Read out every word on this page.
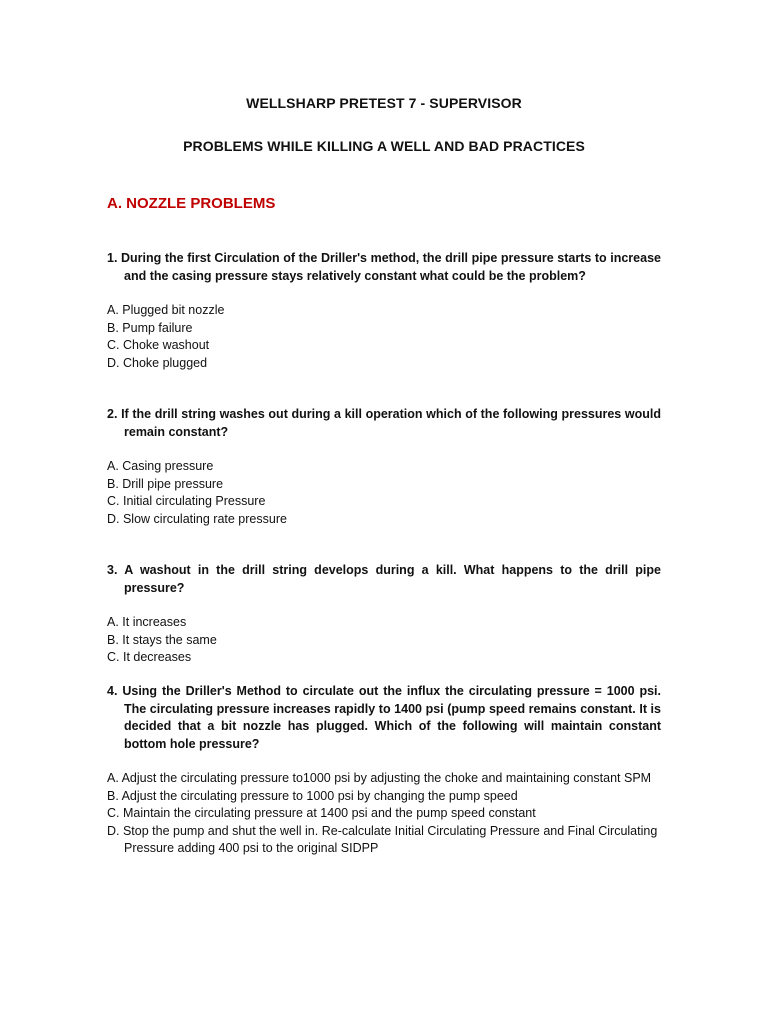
WELLSHARP PRETEST 7 - SUPERVISOR
PROBLEMS WHILE KILLING A WELL AND BAD PRACTICES
A. NOZZLE PROBLEMS
1. During the first Circulation of the Driller's method, the drill pipe pressure starts to increase and the casing pressure stays relatively constant what could be the problem?
A. Plugged bit nozzle
B. Pump failure
C. Choke washout
D. Choke plugged
2. If the drill string washes out during a kill operation which of the following pressures would remain constant?
A. Casing pressure
B. Drill pipe pressure
C. Initial circulating Pressure
D. Slow circulating rate pressure
3. A washout in the drill string develops during a kill. What happens to the drill pipe pressure?
A. It increases
B. It stays the same
C. It decreases
4. Using the Driller's Method to circulate out the influx the circulating pressure = 1000 psi. The circulating pressure increases rapidly to 1400 psi (pump speed remains constant. It is decided that a bit nozzle has plugged. Which of the following will maintain constant bottom hole pressure?
A. Adjust the circulating pressure to1000 psi by adjusting the choke and maintaining constant SPM
B. Adjust the circulating pressure to 1000 psi by changing the pump speed
C. Maintain the circulating pressure at 1400 psi and the pump speed constant
D. Stop the pump and shut the well in. Re-calculate Initial Circulating Pressure and Final Circulating Pressure adding 400 psi to the original SIDPP
